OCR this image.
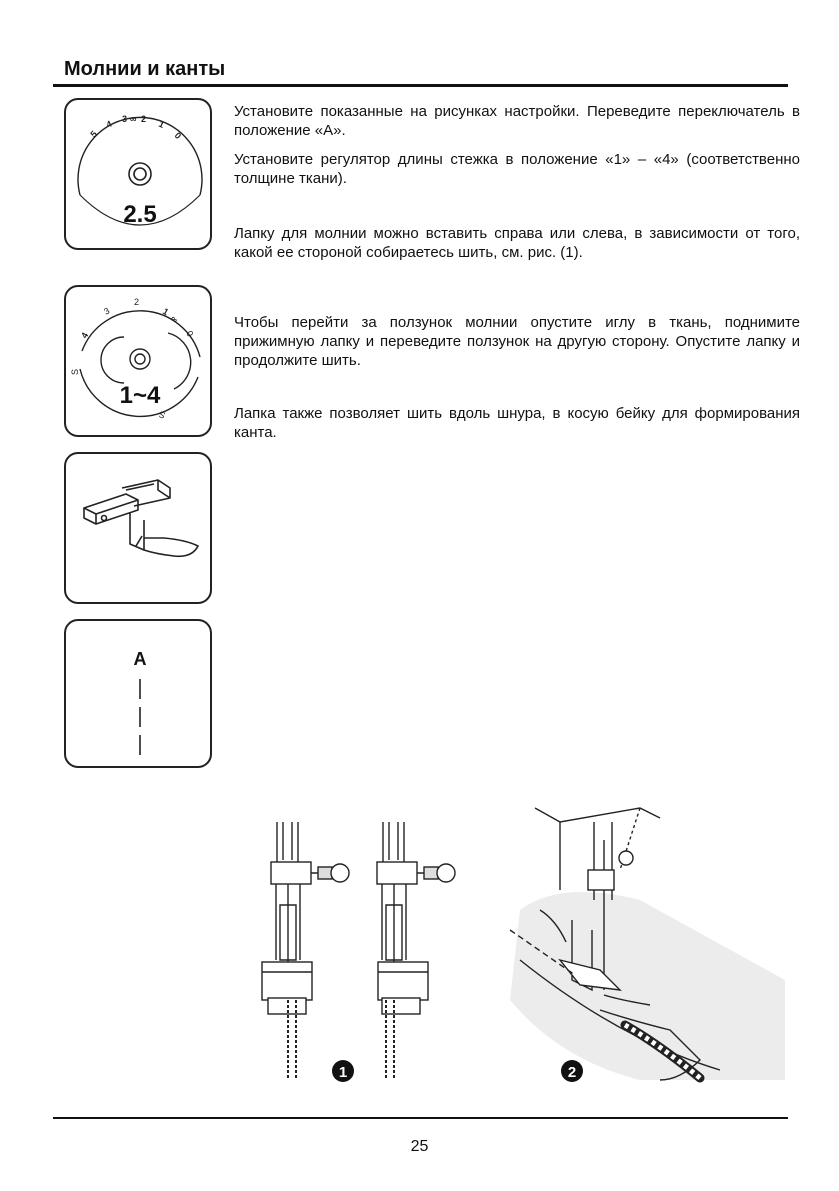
Молнии и канты
5
4 3 ∞ 2 1
0
2.5
4
3
2
1
∞
0
S
S
1~4
A

Установите показанные на рисунках настройки. Переведите переключатель в положение «А».

Установите регулятор длины стежка в положение «1» – «4» (соответственно толщине ткани).

Лапку для молнии можно вставить справа или слева, в зависимости от того, какой ее стороной собираетесь шить, см. рис. (1).

Чтобы перейти за ползунок молнии опустите иглу в ткань, поднимите прижимную лапку и переведите ползунок на другую сторону. Опустите лапку и продолжите шить.

Лапка также позволяет шить вдоль шнура, в косую бейку для формирования канта.

1	2
25
